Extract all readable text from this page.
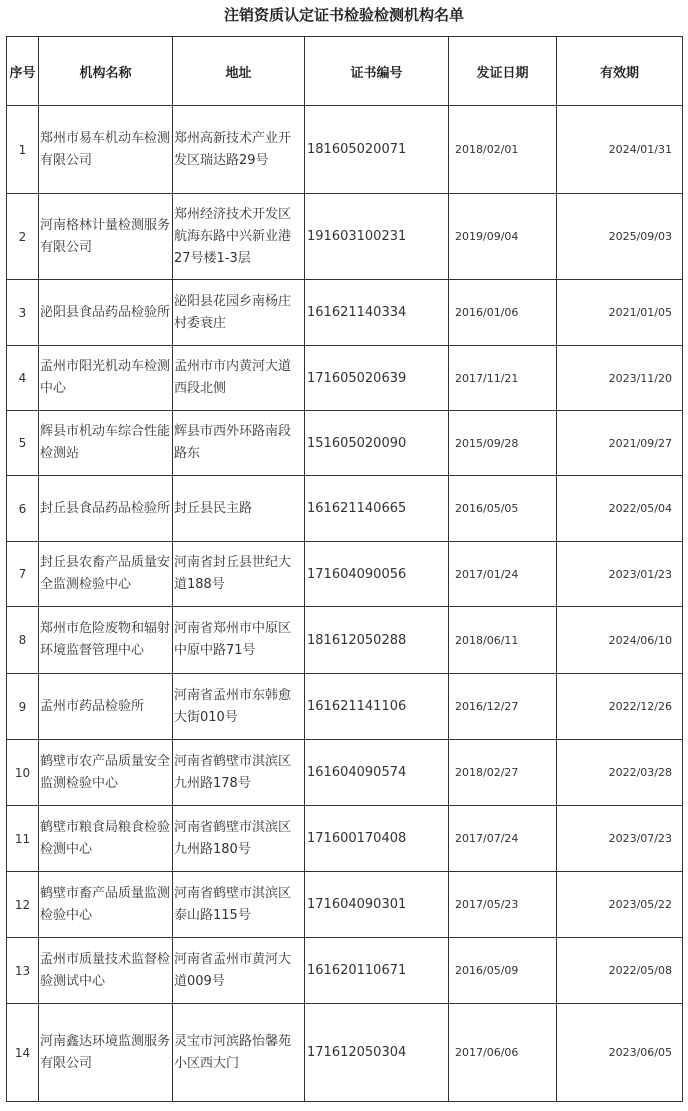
注销资质认定证书检验检测机构名单
序号	机构名称	地址	证书编号	发证日期	有效期
1	郑州市易车机动车检测有限公司	郑州高新技术产业开发区瑞达路29号	181605020071	2018/02/01	2024/01/31
2	河南格林计量检测服务有限公司	郑州经济技术开发区航海东路中兴新业港27号楼1-3层	191603100231	2019/09/04	2025/09/03
3	泌阳县食品药品检验所	泌阳县花园乡南杨庄村委衰庄	161621140334	2016/01/06	2021/01/05
4	孟州市阳光机动车检测中心	孟州市市内黄河大道西段北侧	171605020639	2017/11/21	2023/11/20
5	辉县市机动车综合性能检测站	辉县市西外环路南段路东	151605020090	2015/09/28	2021/09/27
6	封丘县食品药品检验所	封丘县民主路	161621140665	2016/05/05	2022/05/04
7	封丘县农畜产品质量安全监测检验中心	河南省封丘县世纪大道188号	171604090056	2017/01/24	2023/01/23
8	郑州市危险废物和辐射环境监督管理中心	河南省郑州市中原区中原中路71号	181612050288	2018/06/11	2024/06/10
9	孟州市药品检验所	河南省孟州市东韩愈大街010号	161621141106	2016/12/27	2022/12/26
10	鹤壁市农产品质量安全监测检验中心	河南省鹤壁市淇滨区九州路178号	161604090574	2018/02/27	2022/03/28
11	鹤壁市粮食局粮食检验检测中心	河南省鹤壁市淇滨区九州路180号	171600170408	2017/07/24	2023/07/23
12	鹤壁市畜产品质量监测检验中心	河南省鹤壁市淇滨区泰山路115号	171604090301	2017/05/23	2023/05/22
13	孟州市质量技术监督检验测试中心	河南省孟州市黄河大道009号	161620110671	2016/05/09	2022/05/08
14	河南鑫达环境监测服务有限公司	灵宝市河滨路怡馨苑小区西大门	171612050304	2017/06/06	2023/06/05
